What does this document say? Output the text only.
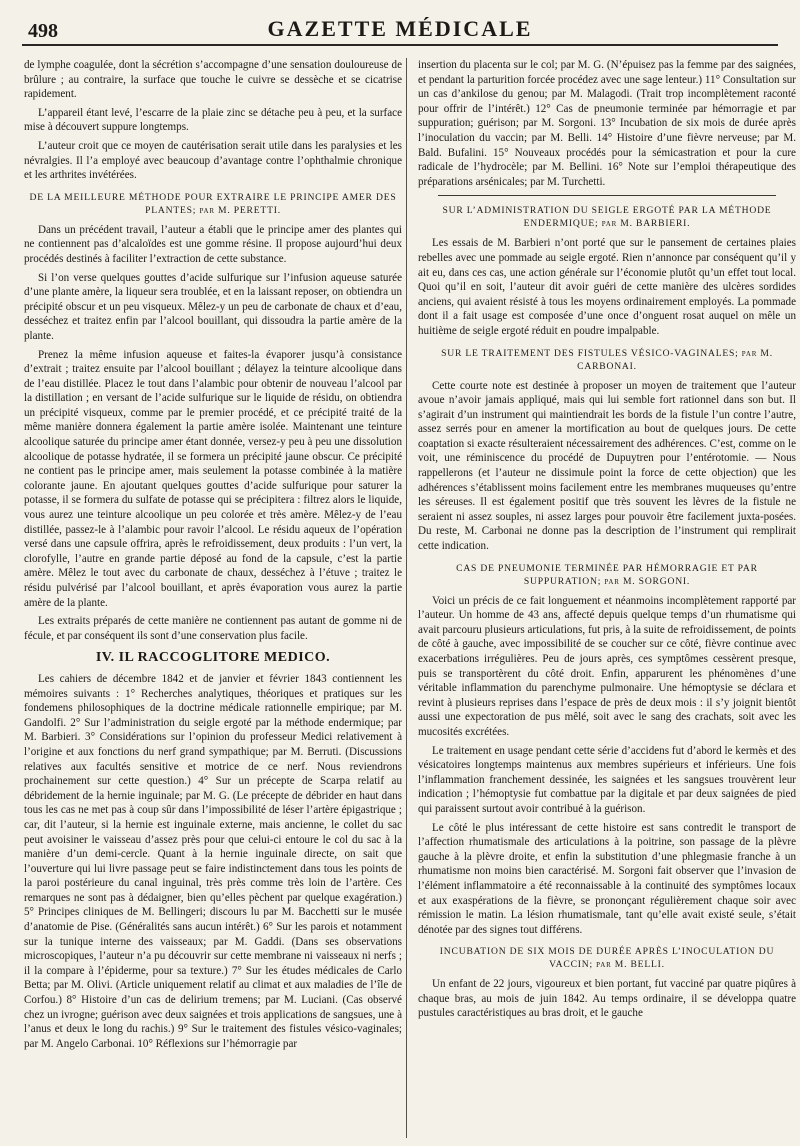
498	GAZETTE MÉDICALE

de lymphe coagulée, dont la sécrétion s’accompagne d’une sensation douloureuse de brûlure ; au contraire, la surface que touche le cuivre se dessèche et se cicatrise rapidement.

L’appareil étant levé, l’escarre de la plaie zinc se détache peu à peu, et la surface mise à découvert suppure longtemps.

L’auteur croit que ce moyen de cautérisation serait utile dans les paralysies et les névralgies. Il l’a employé avec beaucoup d’avantage contre l’ophthalmie chronique et les arthrites invétérées.

DE LA MEILLEURE MÉTHODE POUR EXTRAIRE LE PRINCIPE AMER DES PLANTES; par M. PERETTI.

Dans un précédent travail, l’auteur a établi que le principe amer des plantes qui ne contiennent pas d’alcaloïdes est une gomme résine. Il propose aujourd’hui deux procédés destinés à faciliter l’extraction de cette substance.

Si l’on verse quelques gouttes d’acide sulfurique sur l’infusion aqueuse saturée d’une plante amère, la liqueur sera troublée, et en la laissant reposer, on obtiendra un précipité obscur et un peu visqueux. Mêlez-y un peu de carbonate de chaux et d’eau, desséchez et traitez enfin par l’alcool bouillant, qui dissoudra la partie amère de la plante.

Prenez la même infusion aqueuse et faites-la évaporer jusqu’à consistance d’extrait ; traitez ensuite par l’alcool bouillant ; délayez la teinture alcoolique dans de l’eau distillée. Placez le tout dans l’alambic pour obtenir de nouveau l’alcool par la distillation ; en versant de l’acide sulfurique sur le liquide de résidu, on obtiendra un précipité visqueux, comme par le premier procédé, et ce précipité traité de la même manière donnera également la partie amère isolée. Maintenant une teinture alcoolique saturée du principe amer étant donnée, versez-y peu à peu une dissolution alcoolique de potasse hydratée, il se formera un précipité jaune obscur. Ce précipité ne contient pas le principe amer, mais seulement la potasse combinée à la matière colorante jaune. En ajoutant quelques gouttes d’acide sulfurique pour saturer la potasse, il se formera du sulfate de potasse qui se précipitera : filtrez alors le liquide, vous aurez une teinture alcoolique un peu colorée et très amère. Mêlez-y de l’eau distillée, passez-le à l’alambic pour ravoir l’alcool. Le résidu aqueux de l’opération versé dans une capsule offrira, après le refroidissement, deux produits : l’un vert, la clorofylle, l’autre en grande partie déposé au fond de la capsule, c’est la partie amère. Mêlez le tout avec du carbonate de chaux, desséchez à l’étuve ; traitez le résidu pulvérisé par l’alcool bouillant, et après évaporation vous aurez la partie amère de la plante.

Les extraits préparés de cette manière ne contiennent pas autant de gomme ni de fécule, et par conséquent ils sont d’une conservation plus facile.

IV. IL RACCOGLITORE MEDICO.

Les cahiers de décembre 1842 et de janvier et février 1843 contiennent les mémoires suivants : 1° Recherches analytiques, théoriques et pratiques sur les fondemens philosophiques de la doctrine médicale rationnelle empirique; par M. Gandolfi. 2° Sur l’administration du seigle ergoté par la méthode endermique; par M. Barbieri. 3° Considérations sur l’opinion du professeur Medici relativement à l’origine et aux fonctions du nerf grand sympathique; par M. Berruti. (Discussions relatives aux facultés sensitive et motrice de ce nerf. Nous reviendrons prochainement sur cette question.) 4° Sur un précepte de Scarpa relatif au débridement de la hernie inguinale; par M. G. (Le précepte de débrider en haut dans tous les cas ne met pas à coup sûr dans l’impossibilité de léser l’artère épigastrique ; car, dit l’auteur, si la hernie est inguinale externe, mais ancienne, le collet du sac peut avoisiner le vaisseau d’assez près pour que celui-ci entoure le col du sac à la manière d’un demi-cercle. Quant à la hernie inguinale directe, on sait que l’ouverture qui lui livre passage peut se faire indistinctement dans tous les points de la paroi postérieure du canal inguinal, très près comme très loin de l’artère. Ces remarques ne sont pas à dédaigner, bien qu’elles pèchent par quelque exagération.) 5° Principes cliniques de M. Bellingeri; discours lu par M. Bacchetti sur le musée d’anatomie de Pise. (Généralités sans aucun intérêt.) 6° Sur les parois et notamment sur la tunique interne des vaisseaux; par M. Gaddi. (Dans ses observations microscopiques, l’auteur n’a pu découvrir sur cette membrane ni vaisseaux ni nerfs ; il la compare à l’épiderme, pour sa texture.) 7° Sur les études médicales de Carlo Betta; par M. Olivi. (Article uniquement relatif au climat et aux maladies de l’île de Corfou.) 8° Histoire d’un cas de delirium tremens; par M. Luciani. (Cas observé chez un ivrogne; guérison avec deux saignées et trois applications de sangsues, une à l’anus et deux le long du rachis.) 9° Sur le traitement des fistules vésico-vaginales; par M. Angelo Carbonai. 10° Réflexions sur l’hémorragie par

insertion du placenta sur le col; par M. G. (N’épuisez pas la femme par des saignées, et pendant la parturition forcée procédez avec une sage lenteur.) 11° Consultation sur un cas d’ankilose du genou; par M. Malagodi. (Trait trop incomplètement raconté pour offrir de l’intérêt.) 12° Cas de pneumonie terminée par hémorragie et par suppuration; guérison; par M. Sorgoni. 13° Incubation de six mois de durée après l’inoculation du vaccin; par M. Belli. 14° Histoire d’une fièvre nerveuse; par M. Bald. Bufalini. 15° Nouveaux procédés pour la sémicastration et pour la cure radicale de l’hydrocèle; par M. Bellini. 16° Note sur l’emploi thérapeutique des préparations arsénicales; par M. Turchetti.

SUR L’ADMINISTRATION DU SEIGLE ERGOTÉ PAR LA MÉTHODE ENDERMIQUE; par M. BARBIERI.

Les essais de M. Barbieri n’ont porté que sur le pansement de certaines plaies rebelles avec une pommade au seigle ergoté. Rien n’annonce par conséquent qu’il y ait eu, dans ces cas, une action générale sur l’économie plutôt qu’un effet tout local. Quoi qu’il en soit, l’auteur dit avoir guéri de cette manière des ulcères sordides anciens, qui avaient résisté à tous les moyens ordinairement employés. La pommade dont il a fait usage est composée d’une once d’onguent rosat auquel on mêle un huitième de seigle ergoté réduit en poudre impalpable.

SUR LE TRAITEMENT DES FISTULES VÉSICO-VAGINALES; par M. CARBONAI.

Cette courte note est destinée à proposer un moyen de traitement que l’auteur avoue n’avoir jamais appliqué, mais qui lui semble fort rationnel dans son but. Il s’agirait d’un instrument qui maintiendrait les bords de la fistule l’un contre l’autre, assez serrés pour en amener la mortification au bout de quelques jours. De cette coaptation si exacte résulteraient nécessairement des adhérences. C’est, comme on le voit, une réminiscence du procédé de Dupuytren pour l’entérotomie. — Nous rappellerons (et l’auteur ne dissimule point la force de cette objection) que les adhérences s’établissent moins facilement entre les membranes muqueuses qu’entre les séreuses. Il est également positif que très souvent les lèvres de la fistule ne seraient ni assez souples, ni assez larges pour pouvoir être facilement juxta-posées. Du reste, M. Carbonai ne donne pas la description de l’instrument qui remplirait cette indication.

CAS DE PNEUMONIE TERMINÉE PAR HÉMORRAGIE ET PAR SUPPURATION; par M. SORGONI.

Voici un précis de ce fait longuement et néanmoins incomplètement rapporté par l’auteur. Un homme de 43 ans, affecté depuis quelque temps d’un rhumatisme qui avait parcouru plusieurs articulations, fut pris, à la suite de refroidissement, de points de côté à gauche, avec impossibilité de se coucher sur ce côté, fièvre continue avec exacerbations irrégulières. Peu de jours après, ces symptômes cessèrent presque, puis se transportèrent du côté droit. Enfin, apparurent les phénomènes d’une véritable inflammation du parenchyme pulmonaire. Une hémoptysie se déclara et revint à plusieurs reprises dans l’espace de près de deux mois : il s’y joignit bientôt aussi une expectoration de pus mêlé, soit avec le sang des crachats, soit avec les mucosités excrétées.

Le traitement en usage pendant cette série d’accidens fut d’abord le kermès et des vésicatoires longtemps maintenus aux membres supérieurs et inférieurs. Une fois l’inflammation franchement dessinée, les saignées et les sangsues trouvèrent leur indication ; l’hémoptysie fut combattue par la digitale et par deux saignées de pied qui paraissent surtout avoir contribué à la guérison.

Le côté le plus intéressant de cette histoire est sans contredit le transport de l’affection rhumatismale des articulations à la poitrine, son passage de la plèvre gauche à la plèvre droite, et enfin la substitution d’une phlegmasie franche à un rhumatisme non moins bien caractérisé. M. Sorgoni fait observer que l’invasion de l’élément inflammatoire a été reconnaissable à la continuité des symptômes locaux et aux exaspérations de la fièvre, se prononçant régulièrement chaque soir avec rémission le matin. La lésion rhumatismale, tant qu’elle avait existé seule, s’était dénotée par des signes tout différens.

INCUBATION DE SIX MOIS DE DURÉE APRÈS L’INOCULATION DU VACCIN; par M. BELLI.

Un enfant de 22 jours, vigoureux et bien portant, fut vacciné par quatre piqûres à chaque bras, au mois de juin 1842. Au temps ordinaire, il se développa quatre pustules caractéristiques au bras droit, et le gauche
